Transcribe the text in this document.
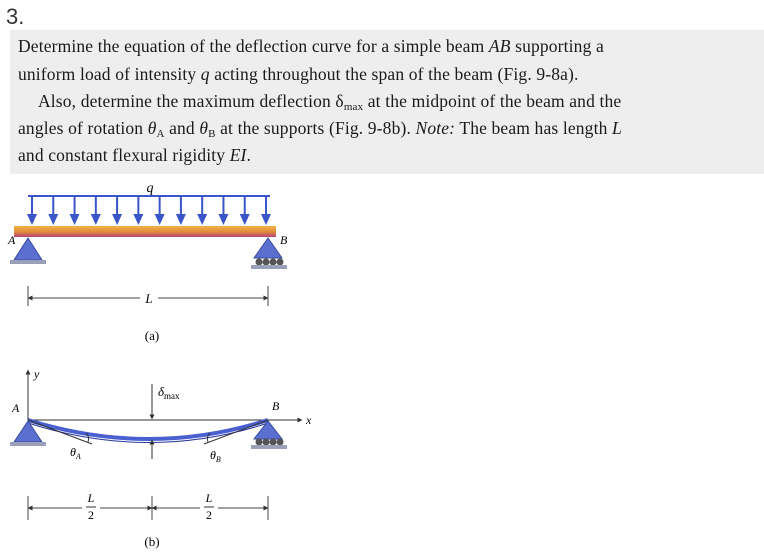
3.
Determine the equation of the deflection curve for a simple beam AB supporting a
uniform load of intensity q acting throughout the span of the beam (Fig. 9-8a).
Also, determine the maximum deflection $\delta_{max}$ at the midpoint of the beam and the
angles of rotation $\theta_A$ and $\theta_B$ at the supports (Fig. 9-8b). Note: The beam has length L
and constant flexural rigidity EI.
q
A	B
L
(a)
y
x
A	B
$\delta_{max}$
$\theta_A$	$\theta_B$
L
2
L
2
(b)
